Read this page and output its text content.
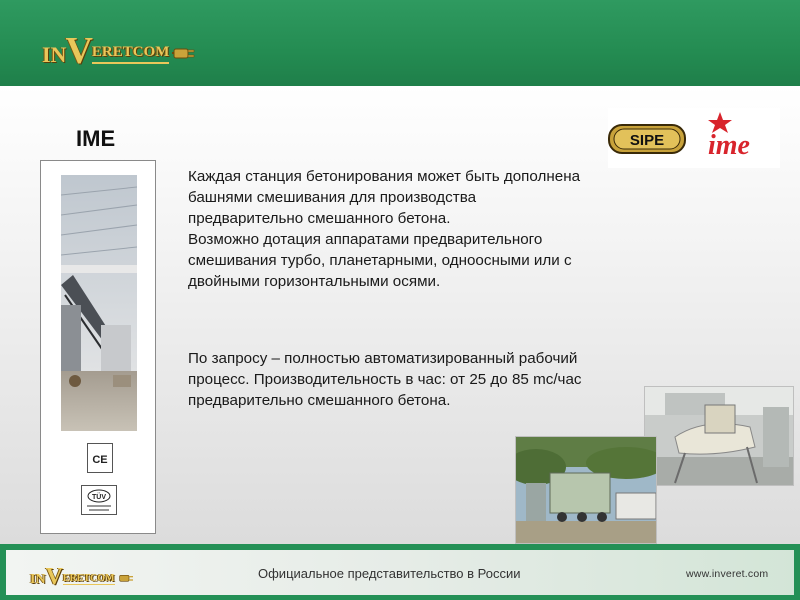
IN V ERETCOM
IME
CE
TÜV
Каждая станция бетонирования может быть дополнена башнями смешивания для производства предварительно смешанного бетона.
Возможно дотация аппаратами предварительного смешивания турбо, планетарными, одноосными или с двойными горизонтальными осями.
По запросу – полностью автоматизированный рабочий процесс. Производительность в час: от 25 до 85 mc/час предварительно смешанного бетона.
SIPE ime
IN V ERETCOM	Официальное представительство в России	www.inveret.com
